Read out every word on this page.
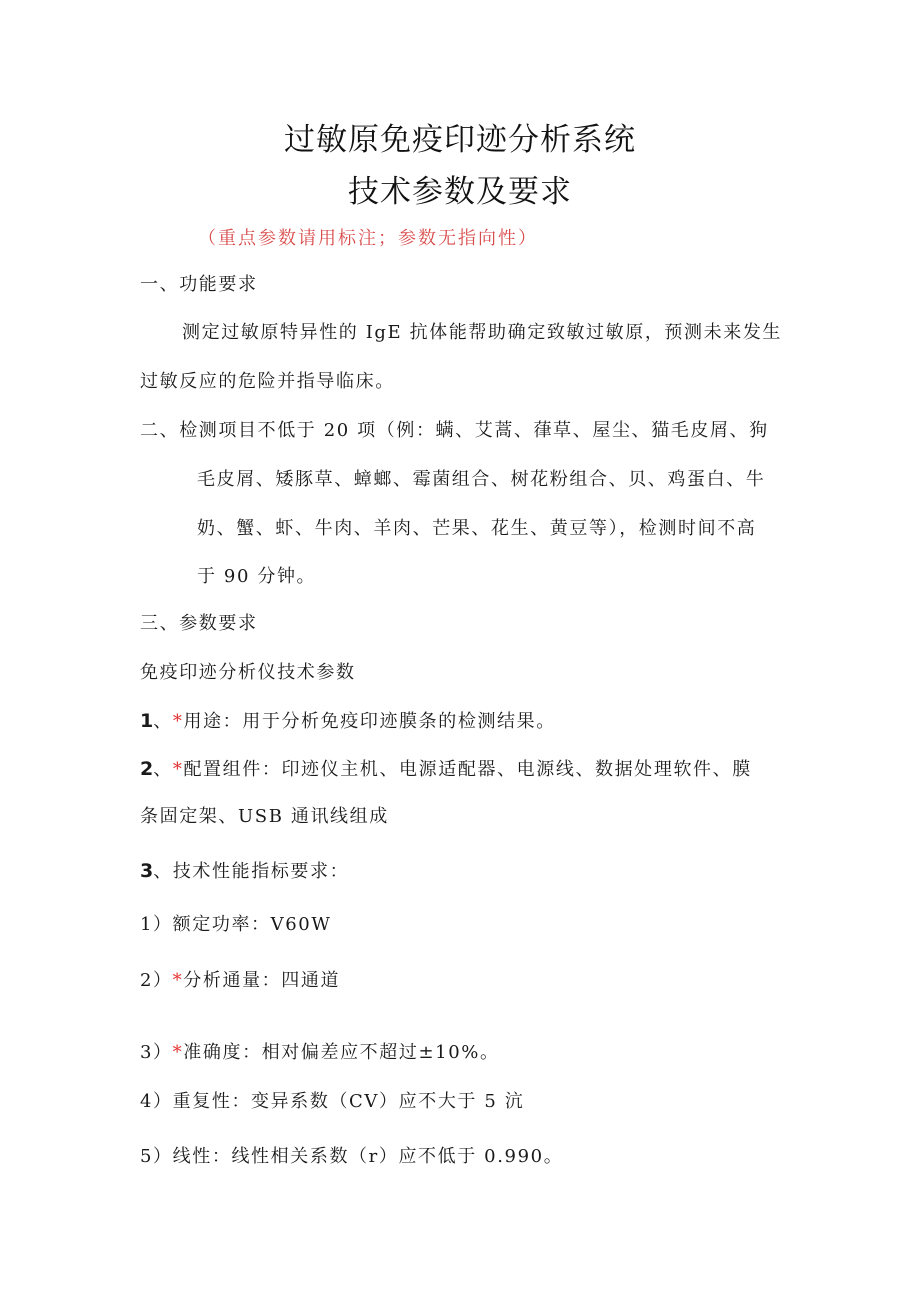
过敏原免疫印迹分析系统
技术参数及要求
（重点参数请用标注；参数无指向性）
一、功能要求
测定过敏原特异性的 IgE 抗体能帮助确定致敏过敏原，预测未来发生
过敏反应的危险并指导临床。
二、检测项目不低于 20 项（例：螨、艾蒿、葎草、屋尘、猫毛皮屑、狗
毛皮屑、矮豚草、蟑螂、霉菌组合、树花粉组合、贝、鸡蛋白、牛
奶、蟹、虾、牛肉、羊肉、芒果、花生、黄豆等），检测时间不高
于 90 分钟。
三、参数要求
免疫印迹分析仪技术参数
1、*用途：用于分析免疫印迹膜条的检测结果。
2、*配置组件：印迹仪主机、电源适配器、电源线、数据处理软件、膜
条固定架、USB 通讯线组成
3、技术性能指标要求：
1）额定功率：V60W
2）*分析通量：四通道
3）*准确度：相对偏差应不超过±10%。
4）重复性：变异系数（CV）应不大于 5 沆
5）线性：线性相关系数（r）应不低于 0.990。
